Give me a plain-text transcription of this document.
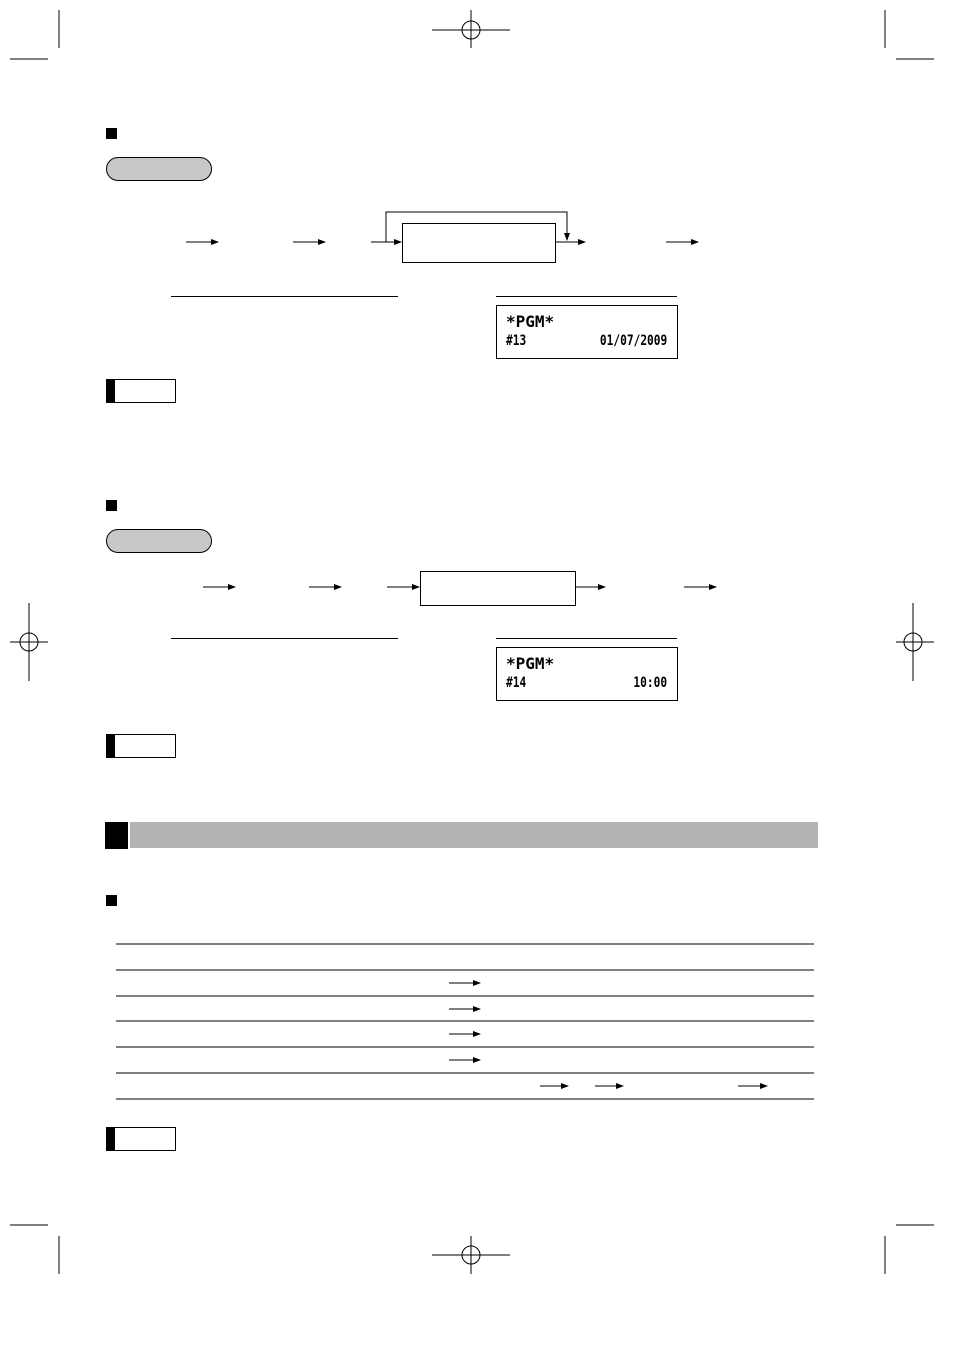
*PGM*
#13	01/07/2009
*PGM*
#14	10:00
